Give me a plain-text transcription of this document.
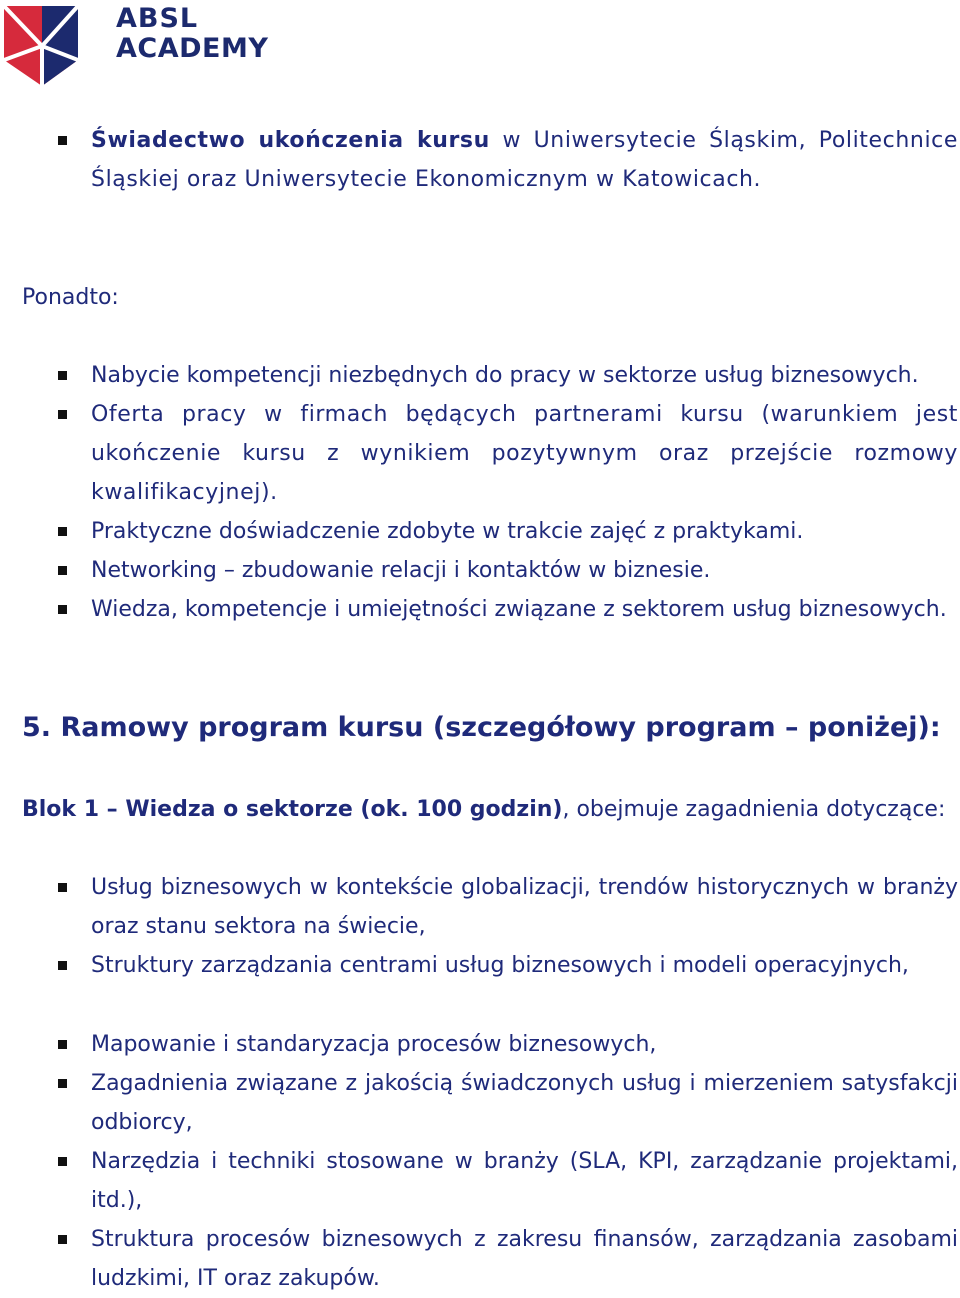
ABSL
ACADEMY
Świadectwo ukończenia kursu w Uniwersytecie Śląskim, Politechnice Śląskiej oraz Uniwersytecie Ekonomicznym w Katowicach.
Ponadto:
Nabycie kompetencji niezbędnych do pracy w sektorze usług biznesowych.
Oferta pracy w firmach będących partnerami kursu (warunkiem jest ukończenie kursu z wynikiem pozytywnym oraz przejście rozmowy kwalifikacyjnej).
Praktyczne doświadczenie zdobyte w trakcie zajęć z praktykami.
Networking – zbudowanie relacji i kontaktów w biznesie.
Wiedza, kompetencje i umiejętności związane z sektorem usług biznesowych.
5. Ramowy program kursu (szczegółowy program – poniżej):
Blok 1 – Wiedza o sektorze (ok. 100 godzin), obejmuje zagadnienia dotyczące:
Usług biznesowych w kontekście globalizacji, trendów historycznych w branży oraz stanu sektora na świecie,
Struktury zarządzania centrami usług biznesowych i modeli operacyjnych,
Mapowanie i standaryzacja procesów biznesowych,
Zagadnienia związane z jakością świadczonych usług i mierzeniem satysfakcji odbiorcy,
Narzędzia i techniki stosowane w branży (SLA, KPI, zarządzanie projektami, itd.),
Struktura procesów biznesowych z zakresu finansów, zarządzania zasobami ludzkimi, IT oraz zakupów.
